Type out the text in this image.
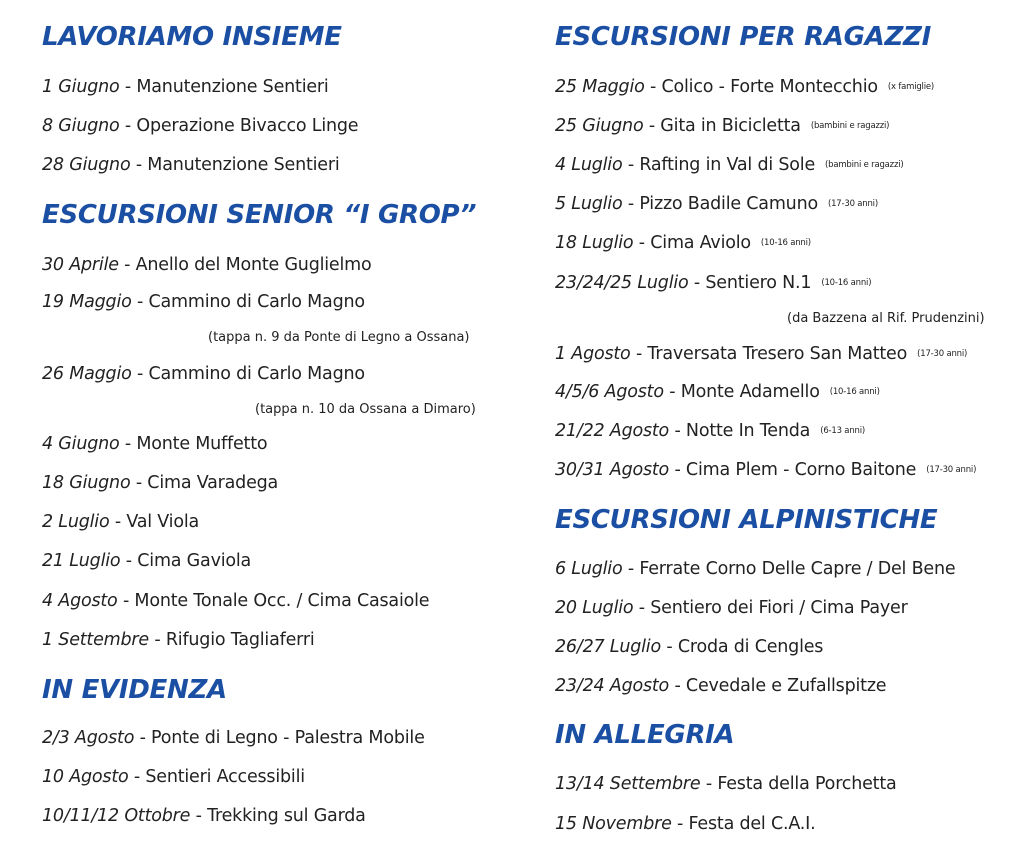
LAVORIAMO INSIEME
1 Giugno - Manutenzione Sentieri
8 Giugno - Operazione Bivacco Linge
28 Giugno - Manutenzione Sentieri
ESCURSIONI SENIOR “I GROP”
30 Aprile - Anello del Monte Guglielmo
19 Maggio - Cammino di Carlo Magno
(tappa n. 9 da Ponte di Legno a Ossana)
26 Maggio - Cammino di Carlo Magno
(tappa n. 10 da Ossana a Dimaro)
4 Giugno - Monte Muffetto
18 Giugno - Cima Varadega
2 Luglio - Val Viola
21 Luglio - Cima Gaviola
4 Agosto - Monte Tonale Occ. / Cima Casaiole
1 Settembre - Rifugio Tagliaferri
IN EVIDENZA
2/3 Agosto - Ponte di Legno - Palestra Mobile
10 Agosto - Sentieri Accessibili
10/11/12 Ottobre - Trekking sul Garda
ESCURSIONI PER RAGAZZI
25 Maggio - Colico - Forte Montecchio (x famiglie)
25 Giugno - Gita in Bicicletta (bambini e ragazzi)
4 Luglio - Rafting in Val di Sole (bambini e ragazzi)
5 Luglio - Pizzo Badile Camuno (17-30 anni)
18 Luglio - Cima Aviolo (10-16 anni)
23/24/25 Luglio - Sentiero N.1 (10-16 anni)
(da Bazzena al Rif. Prudenzini)
1 Agosto - Traversata Tresero San Matteo (17-30 anni)
4/5/6 Agosto - Monte Adamello (10-16 anni)
21/22 Agosto - Notte In Tenda (6-13 anni)
30/31 Agosto - Cima Plem - Corno Baitone (17-30 anni)
ESCURSIONI ALPINISTICHE
6 Luglio - Ferrate Corno Delle Capre / Del Bene
20 Luglio - Sentiero dei Fiori / Cima Payer
26/27 Luglio - Croda di Cengles
23/24 Agosto - Cevedale e Zufallspitze
IN ALLEGRIA
13/14 Settembre - Festa della Porchetta
15 Novembre - Festa del C.A.I.
